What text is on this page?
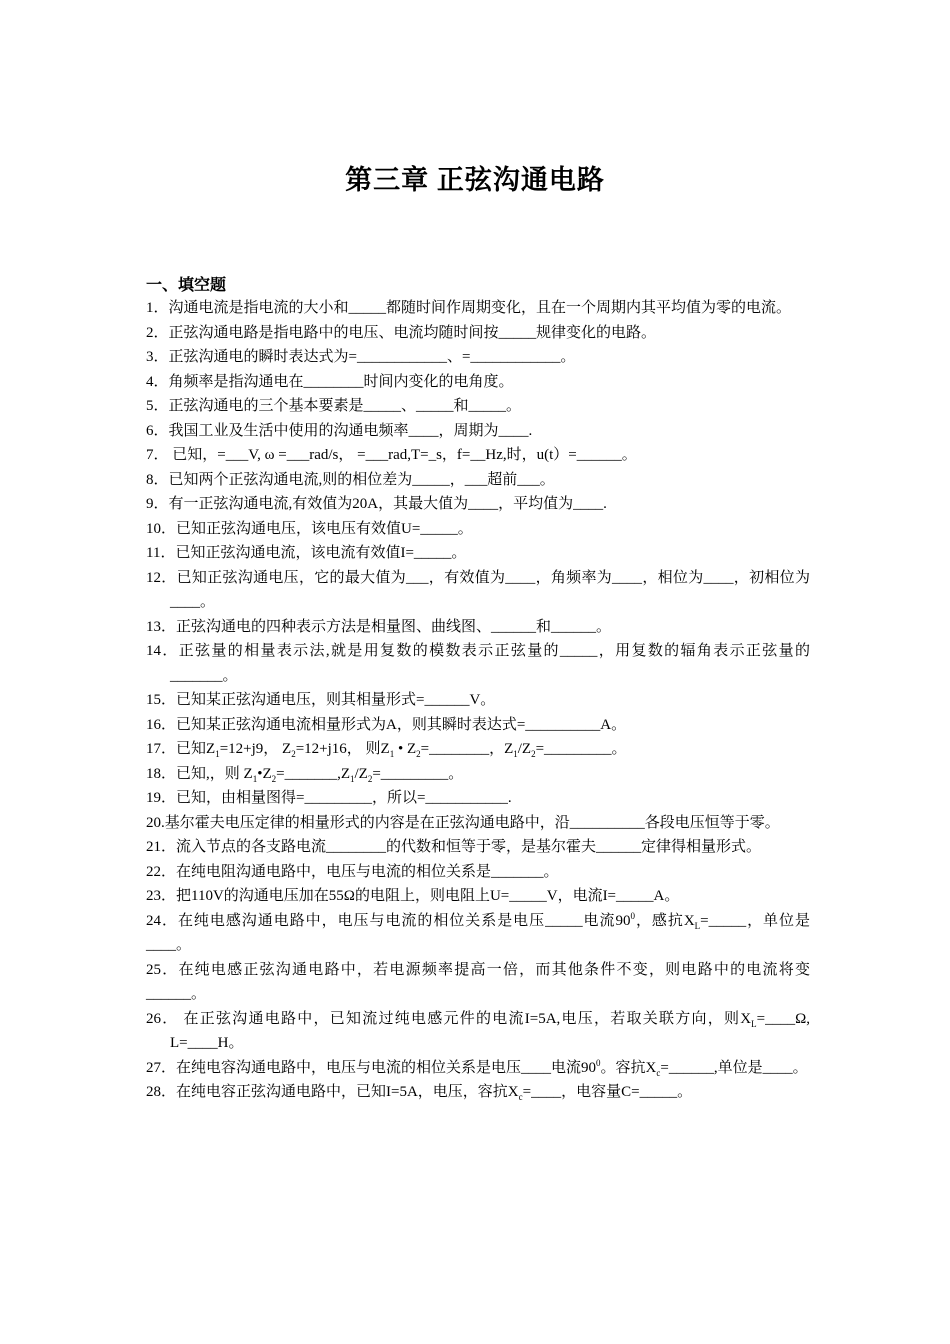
第三章 正弦沟通电路
一、填空题

1．沟通电流是指电流的大小和_____都随时间作周期变化，且在一个周期内其平均值为零的电流。

2．正弦沟通电路是指电路中的电压、电流均随时间按_____规律变化的电路。

3．正弦沟通电的瞬时表达式为=____________、=____________。

4．角频率是指沟通电在________时间内变化的电角度。

5．正弦沟通电的三个基本要素是_____、_____和_____。

6．我国工业及生活中使用的沟通电频率____，周期为____.

7． 已知，=___V, ω =___rad/s， =___rad,T=_s，f=__Hz,时，u(t）=______。

8．已知两个正弦沟通电流,则的相位差为_____，___超前___。

9．有一正弦沟通电流,有效值为20A，其最大值为____，平均值为____.

10．已知正弦沟通电压，该电压有效值U=_____。

11．已知正弦沟通电流，该电流有效值I=_____。

12．已知正弦沟通电压，它的最大值为___，有效值为____，角频率为____，相位为____，初相位为____。

13．正弦沟通电的四种表示方法是相量图、曲线图、______和______。

14．正弦量的相量表示法,就是用复数的模数表示正弦量的_____，用复数的辐角表示正弦量的_______。

15．已知某正弦沟通电压，则其相量形式=______V。

16．已知某正弦沟通电流相量形式为A，则其瞬时表达式=__________A。

17．已知$Z_1=12+j9$， $Z_2=12+j16$， 则$Z_1$ • $Z_2=\_\_\_\_\_\_\_\_$，$Z_1/Z_2=\_\_\_\_\_\_\_\_\_$。

18．已知,，则 $Z_1•Z_2=\_\_\_\_\_\_\_,Z_1/Z_2=\_\_\_\_\_\_\_\_\_$。

19．已知，由相量图得=_________，所以=___________.

20.基尔霍夫电压定律的相量形式的内容是在正弦沟通电路中，沿__________各段电压恒等于零。

21．流入节点的各支路电流________的代数和恒等于零，是基尔霍夫______定律得相量形式。

22．在纯电阻沟通电路中，电压与电流的相位关系是_______。

23．把110V的沟通电压加在55Ω的电阻上，则电阻上U=_____V，电流I=_____A。

24．在纯电感沟通电路中，电压与电流的相位关系是电压_____电流$90^0$，感抗$X_L=\_\_\_\_\_$，单位是____。

25．在纯电感正弦沟通电路中，若电源频率提高一倍，而其他条件不变，则电路中的电流将变______。

26． 在正弦沟通电路中，已知流过纯电感元件的电流I=5A,电压，若取关联方向，则$X_L=\_\_\_\_\Omega$, L=____H。

27．在纯电容沟通电路中，电压与电流的相位关系是电压____电流$90^0$。容抗$X_c=\_\_\_\_\_\_$,单位是____。

28．在纯电容正弦沟通电路中，已知I=5A，电压，容抗$X_c=\_\_\_\_$，电容量C=_____。
